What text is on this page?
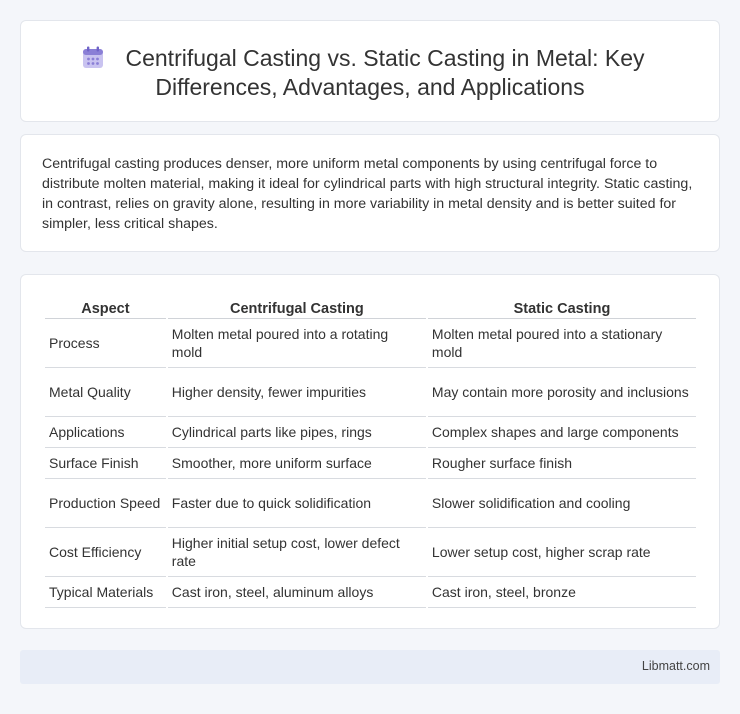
Centrifugal Casting vs. Static Casting in Metal: Key
Differences, Advantages, and Applications

Centrifugal casting produces denser, more uniform metal components by using centrifugal force to distribute molten material, making it ideal for cylindrical parts with high structural integrity. Static casting, in contrast, relies on gravity alone, resulting in more variability in metal density and is better suited for simpler, less critical shapes.

Aspect	Centrifugal Casting	Static Casting
Process	Molten metal poured into a rotating mold	Molten metal poured into a stationary mold
Metal Quality	Higher density, fewer impurities	May contain more porosity and inclusions
Applications	Cylindrical parts like pipes, rings	Complex shapes and large components
Surface Finish	Smoother, more uniform surface	Rougher surface finish
Production Speed	Faster due to quick solidification	Slower solidification and cooling
Cost Efficiency	Higher initial setup cost, lower defect rate	Lower setup cost, higher scrap rate
Typical Materials	Cast iron, steel, aluminum alloys	Cast iron, steel, bronze
Libmatt.com
